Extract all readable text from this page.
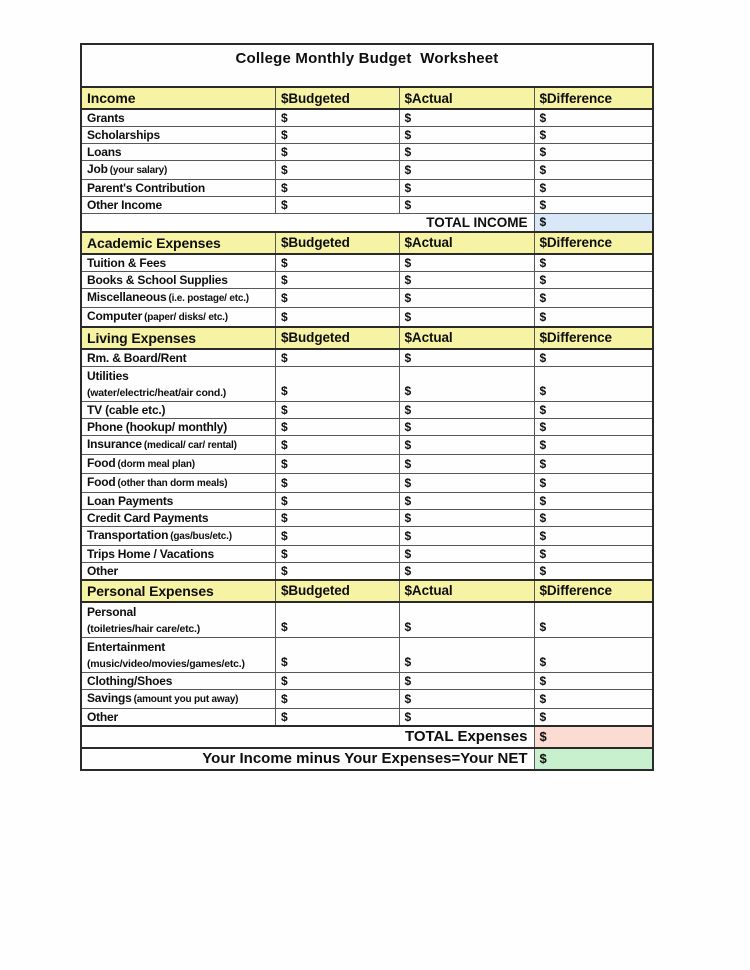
College Monthly Budget  Worksheet			
Income	$Budgeted	$Actual	$Difference
Grants	$	$	$
Scholarships	$	$	$
Loans	$	$	$
Job (your salary)	$	$	$
Parent's Contribution	$	$	$
Other Income	$	$	$
TOTAL INCOME			$
Academic Expenses	$Budgeted	$Actual	$Difference
Tuition & Fees	$	$	$
Books & School Supplies	$	$	$
Miscellaneous (i.e. postage/ etc.)	$	$	$
Computer (paper/ disks/ etc.)	$	$	$
Living Expenses	$Budgeted	$Actual	$Difference
Rm. & Board/Rent	$	$	$

Utilities
(water/electric/heat/air cond.)	$	$	$
TV (cable etc.)	$	$	$
Phone (hookup/ monthly)	$	$	$
Insurance (medical/ car/ rental)	$	$	$
Food (dorm meal plan)	$	$	$
Food (other than dorm meals)	$	$	$
Loan Payments	$	$	$
Credit Card Payments	$	$	$
Transportation (gas/bus/etc.)	$	$	$
Trips Home / Vacations	$	$	$
Other	$	$	$
Personal Expenses	$Budgeted	$Actual	$Difference

Personal
(toiletries/hair care/etc.)	$	$	$

Entertainment
(music/video/movies/games/etc.)	$	$	$
Clothing/Shoes	$	$	$
Savings (amount you put away)	$	$	$
Other	$	$	$
TOTAL Expenses			$
Your Income minus Your Expenses=Your NET			$
